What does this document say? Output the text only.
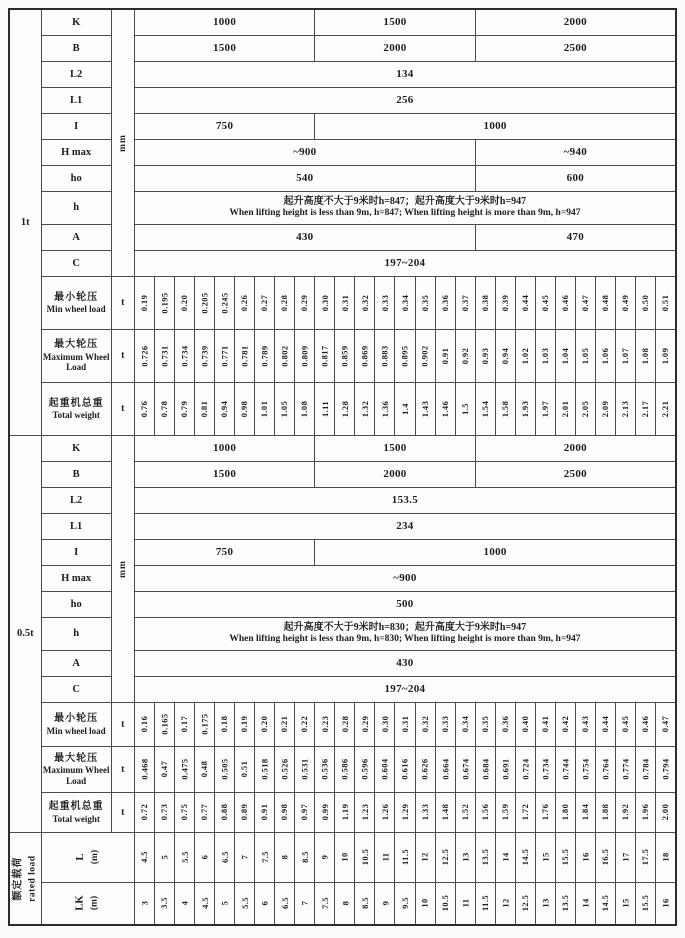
1t	K	mm	1000									1500								2000									
	B		1500									2000								2500									
	L2		134																										
	L1		256																										
	I		750									1000																	
	H max		~900																	~940									
	ho		540																	600									
	h		起升高度不大于9米时h=847；起升高度大于9米时h=947
When lifting height is less than 9m, h=847; When lifting height is more than 9m, h=947																										

	A		430																	470									
	C		197~204																										

	最小轮压
Min wheel load	t	0.19	0.195	0.20	0.205	0.245	0.26	0.27	0.28	0.29	0.30	0.31	0.32	0.33	0.34	0.35	0.36	0.37	0.38	0.39	0.44	0.45	0.46	0.47	0.48	0.49	0.50	0.51

	最大轮压
Maximum Wheel Load	t	0.726	0.731	0.734	0.739	0.771	0.781	0.789	0.802	0.809	0.817	0.859	0.869	0.883	0.895	0.902	0.91	0.92	0.93	0.94	1.02	1.03	1.04	1.05	1.06	1.07	1.08	1.09

	起重机总重
Total weight	t	0.76	0.78	0.79	0.81	0.94	0.98	1.01	1.05	1.08	1.11	1.28	1.32	1.36	1.4	1.43	1.46	1.5	1.54	1.58	1.93	1.97	2.01	2.05	2.09	2.13	2.17	2.21

0.5t	K	mm	1000									1500								2000									
	B		1500									2000								2500									
	L2		153.5																										
	L1		234																										
	I		750									1000																	
	H max		~900																										
	ho		500																										
	h		起升高度不大于9米时h=830；起升高度大于9米时h=947
When lifting height is less than 9m, h=830; When lifting height is more than 9m, h=947																										

	A		430																										
	C		197~204																										

	最小轮压
Min wheel load	t	0.16	0.165	0.17	0.175	0.18	0.19	0.20	0.21	0.22	0.23	0.28	0.29	0.30	0.31	0.32	0.33	0.34	0.35	0.36	0.40	0.41	0.42	0.43	0.44	0.45	0.46	0.47

	最大轮压
Maximum Wheel Load	t	0.468	0.47	0.475	0.48	0.505	0.51	0.518	0.526	0.531	0.536	0.586	0.596	0.604	0.616	0.626	0.664	0.674	0.684	0.691	0.724	0.734	0.744	0.754	0.764	0.774	0.784	0.794

	起重机总重
Total weight	t	0.72	0.73	0.75	0.77	0.88	0.89	0.91	0.98	0.97	0.99	1.19	1.23	1.26	1.29	1.33	1.48	1.52	1.56	1.59	1.72	1.76	1.80	1.84	1.88	1.92	1.96	2.00

额定载荷 rated load	L (m)	4.5	5	5.5	6	6.5	7	7.5	8	8.5	9	10	10.5	11	11.5	12	12.5	13	13.5	14	14.5	15	15.5	16	16.5	17	17.5	18

	LK (m)		3	3.5	4	4.5	5	5.5	6	6.5	7	7.5	8	8.5	9	9.5	10	10.5	11	11.5	12	12.5	13	13.5	14	14.5	15	15.5	16
